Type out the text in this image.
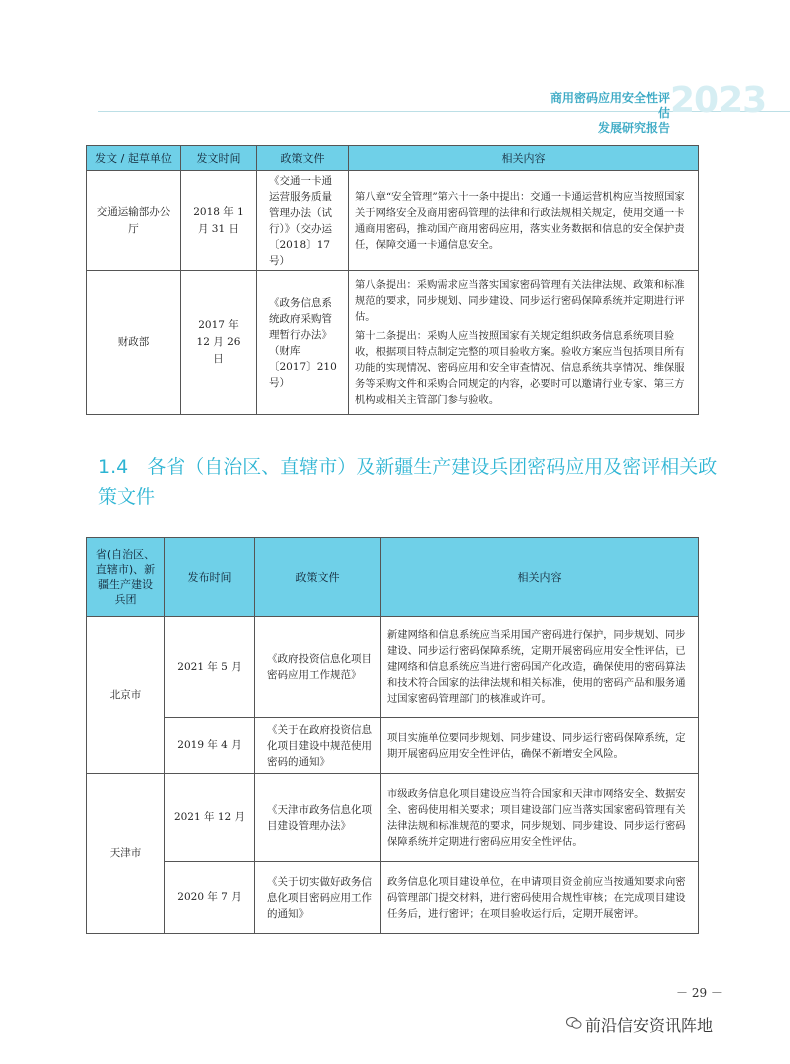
商用密码应用安全性评估
发展研究报告
2023
发文 / 起草单位	发文时间	政策文件	相关内容
交通运输部办公厅	2018 年 1 月 31 日	《交通一卡通运营服务质量管理办法（试行）》（交办运〔2018〕17 号）	第八章“安全管理”第六十一条中提出：交通一卡通运营机构应当按照国家关于网络安全及商用密码管理的法律和行政法规相关规定，使用交通一卡通商用密码，推动国产商用密码应用，落实业务数据和信息的安全保护责任，保障交通一卡通信息安全。

财政部	2017 年 12 月 26 日	《政务信息系统政府采购管理暂行办法》（财库〔2017〕210 号）	第八条提出：采购需求应当落实国家密码管理有关法律法规、政策和标准规范的要求，同步规划、同步建设、同步运行密码保障系统并定期进行评估。

第十二条提出：采购人应当按照国家有关规定组织政务信息系统项目验收，根据项目特点制定完整的项目验收方案。验收方案应当包括项目所有功能的实现情况、密码应用和安全审查情况、信息系统共享情况、维保服务等采购文件和采购合同规定的内容，必要时可以邀请行业专家、第三方机构或相关主管部门参与验收。

1.4　各省（自治区、直辖市）及新疆生产建设兵团密码应用及密评相关政策文件
省(自治区、直辖市)、新疆生产建设兵团	发布时间	政策文件	相关内容
北京市	2021 年 5 月	《政府投资信息化项目密码应用工作规范》	新建网络和信息系统应当采用国产密码进行保护，同步规划、同步建设、同步运行密码保障系统，定期开展密码应用安全性评估，已建网络和信息系统应当进行密码国产化改造，确保使用的密码算法和技术符合国家的法律法规和相关标准，使用的密码产品和服务通过国家密码管理部门的核准或许可。
	2019 年 4 月	《关于在政府投资信息化项目建设中规范使用密码的通知》	项目实施单位要同步规划、同步建设、同步运行密码保障系统，定期开展密码应用安全性评估，确保不新增安全风险。
天津市	2021 年 12 月	《天津市政务信息化项目建设管理办法》	市级政务信息化项目建设应当符合国家和天津市网络安全、数据安全、密码使用相关要求；项目建设部门应当落实国家密码管理有关法律法规和标准规范的要求，同步规划、同步建设、同步运行密码保障系统并定期进行密码应用安全性评估。
	2020 年 7 月	《关于切实做好政务信息化项目密码应用工作的通知》	政务信息化项目建设单位，在申请项目资金前应当按通知要求向密码管理部门提交材料，进行密码使用合规性审核；在完成项目建设任务后，进行密评；在项目验收运行后，定期开展密评。
－ 29 －
前沿信安资讯阵地
